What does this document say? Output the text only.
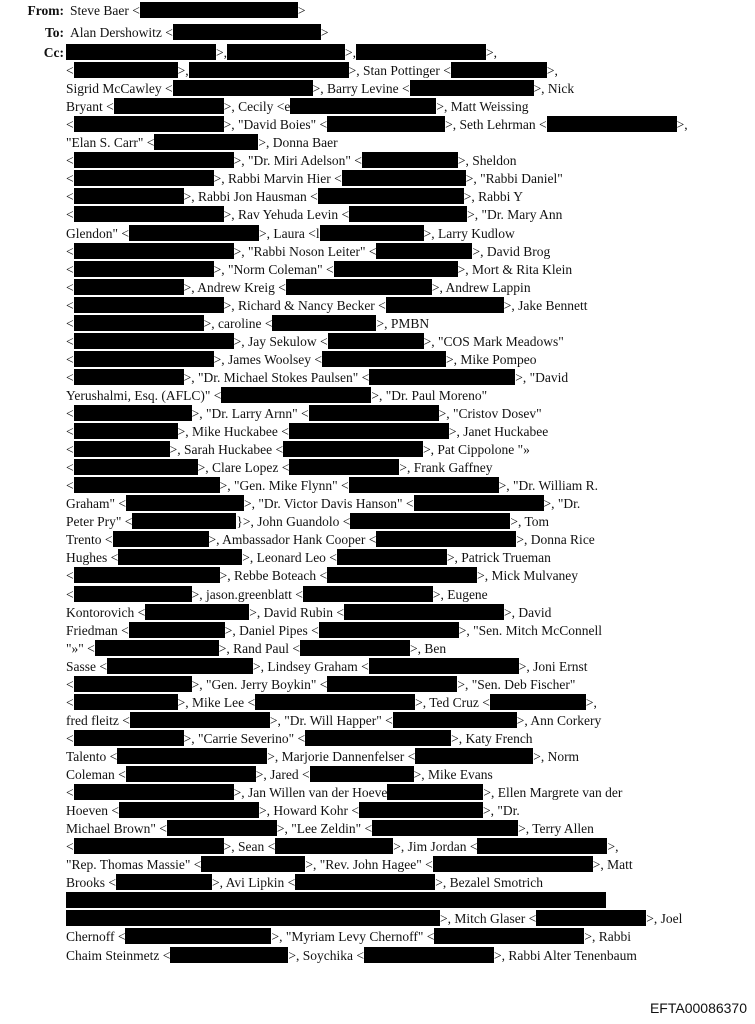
From: Steve Baer <	>
To: Alan Dershowitz <	>
Cc:	>,	>,	>,
<	>,	>, Stan Pottinger <	>,
Sigrid McCawley <	>, Barry Levine <	>, Nick
Bryant <	>, Cecily <e	>, Matt Weissing
<	>, "David Boies" <	>, Seth Lehrman <	>,
"Elan S. Carr" <	>, Donna Baer
<	>, "Dr. Miri Adelson" <	>, Sheldon
<	>, Rabbi Marvin Hier <	>, "Rabbi Daniel"
<	>, Rabbi Jon Hausman <	>, Rabbi Y
<	>, Rav Yehuda Levin <	>, "Dr. Mary Ann
Glendon" <	>, Laura <l	>, Larry Kudlow
<	>, "Rabbi Noson Leiter" <	>, David Brog
<	>, "Norm Coleman" <	>, Mort & Rita Klein
<	>, Andrew Kreig <	>, Andrew Lappin
<	>, Richard & Nancy Becker <	>, Jake Bennett
<	>, caroline <	>, PMBN
<	>, Jay Sekulow <	>, "COS Mark Meadows"
<	>, James Woolsey <	>, Mike Pompeo
<	>, "Dr. Michael Stokes Paulsen" <	>, "David
Yerushalmi, Esq. (AFLC)" <	>, "Dr. Paul Moreno"
<	>, "Dr. Larry Arnn" <	>, "Cristov Dosev"
<	>, Mike Huckabee <	>, Janet Huckabee
<	>, Sarah Huckabee <	>, Pat Cippolone "»
<	>, Clare Lopez <	>, Frank Gaffney
<	>, "Gen. Mike Flynn" <	>, "Dr. William R.
Graham" <	>, "Dr. Victor Davis Hanson" <	>, "Dr.
Peter Pry" <	}>, John Guandolo <	>, Tom
Trento <	>, Ambassador Hank Cooper <	>, Donna Rice
Hughes <	>, Leonard Leo <	>, Patrick Trueman
<	>, Rebbe Boteach <	>, Mick Mulvaney
<	>, jason.greenblatt <	>, Eugene
Kontorovich <	>, David Rubin <	>, David
Friedman <	>, Daniel Pipes <	>, "Sen. Mitch McConnell
"»" <	>, Rand Paul <	>, Ben
Sasse <	>, Lindsey Graham <	>, Joni Ernst
<	>, "Gen. Jerry Boykin" <	>, "Sen. Deb Fischer"
<	>, Mike Lee <	>, Ted Cruz <	>,
fred fleitz <	>, "Dr. Will Happer" <	>, Ann Corkery
<	>, "Carrie Severino" <	>, Katy French
Talento <	>, Marjorie Dannenfelser <	>, Norm
Coleman <	>, Jared <	>, Mike Evans
<	>, Jan Willen van der Hoeve	>, Ellen Margrete van der
Hoeven <	>, Howard Kohr <	>, "Dr.
Michael Brown" <	>, "Lee Zeldin" <	>, Terry Allen
<	>, Sean <	>, Jim Jordan <	>,
"Rep. Thomas Massie" <	>, "Rev. John Hagee" <	>, Matt
Brooks <	>, Avi Lipkin <	>, Bezalel Smotrich
>, Mitch Glaser <	>, Joel
Chernoff <	>, "Myriam Levy Chernoff" <	>, Rabbi
Chaim Steinmetz <	>, Soychika <	>, Rabbi Alter Tenenbaum
EFTA00086370
